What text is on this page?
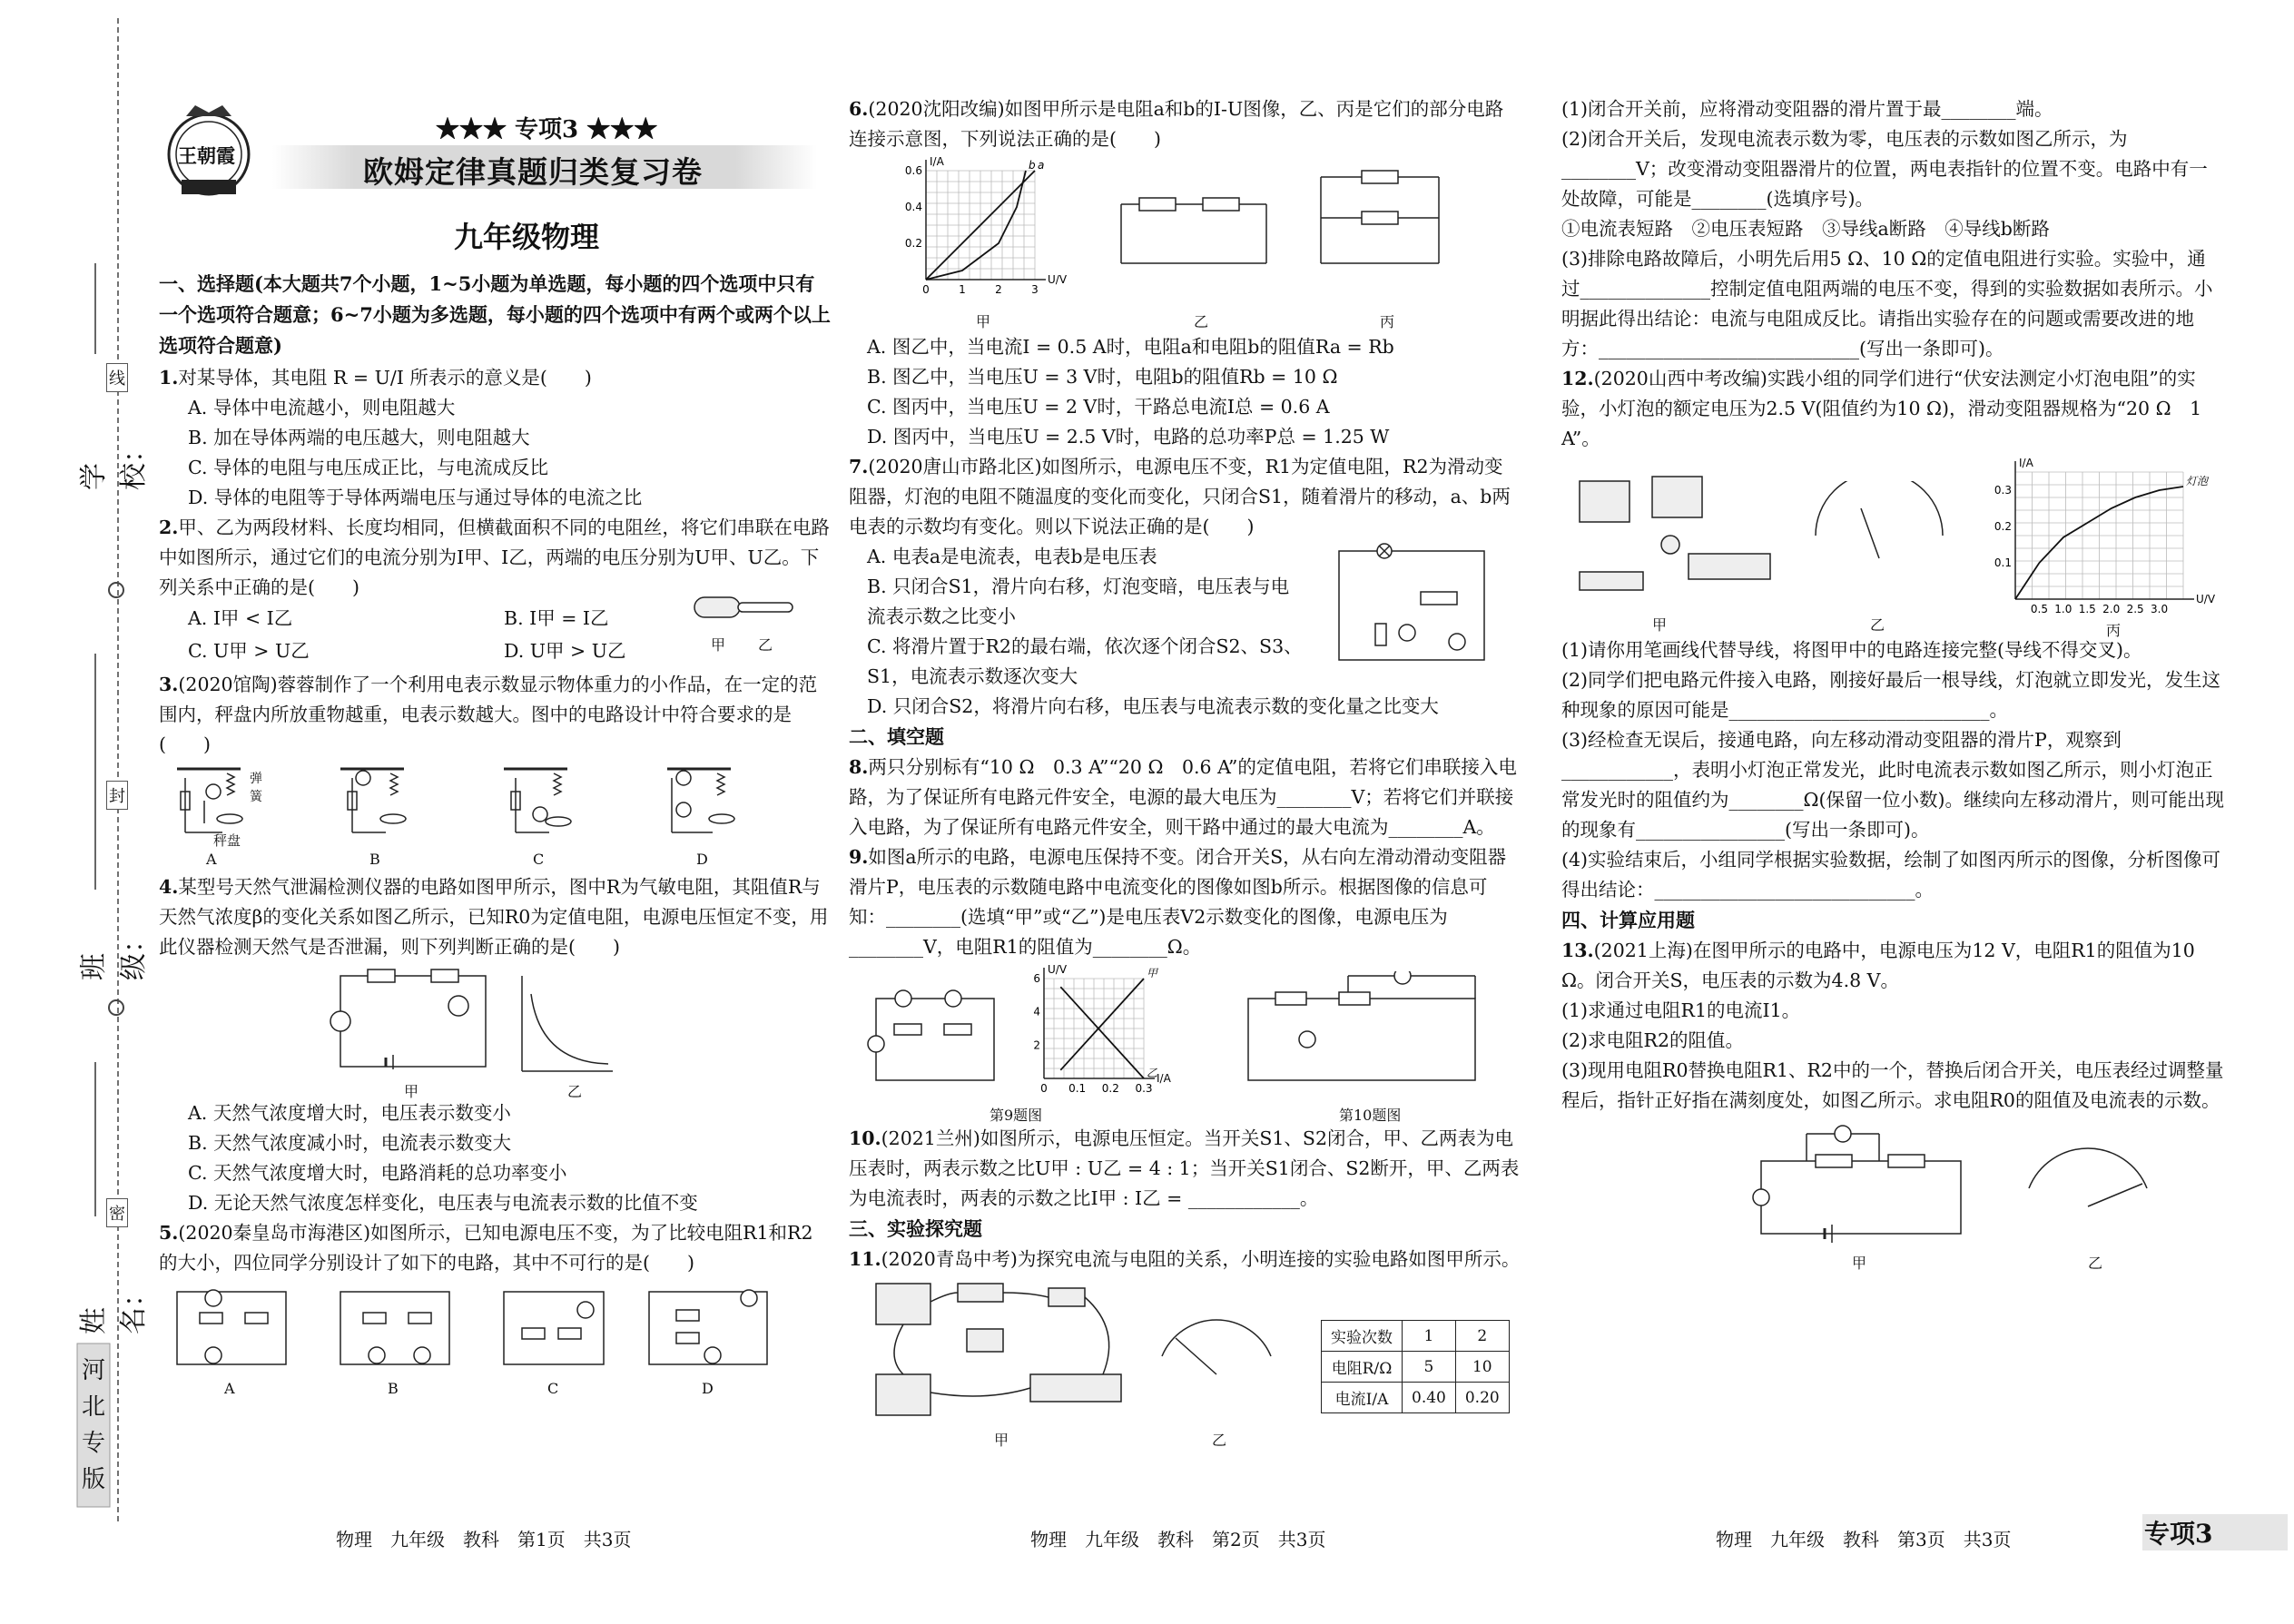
学校：
班级：
姓名：
线
封
密
河北专版
王朝霞
★★★ 专项3 ★★★
欧姆定律真题归类复习卷
九年级物理

一、选择题(本大题共7个小题，1~5小题为单选题，每小题的四个选项中只有一个选项符合题意；6~7小题为多选题，每小题的四个选项中有两个或两个以上选项符合题意)

1.对某导体，其电阻 R = U/I 所表示的意义是(　　)

A. 导体中电流越小，则电阻越大

B. 加在导体两端的电压越大，则电阻越大

C. 导体的电阻与电压成正比，与电流成反比

D. 导体的电阻等于导体两端电压与通过导体的电流之比

2.甲、乙为两段材料、长度均相同，但横截面积不同的电阻丝，将它们串联在电路中如图所示，通过它们的电流分别为I甲、I乙，两端的电压分别为U甲、U乙。下列关系中正确的是(　　)

A. I甲 < I乙	B. I甲 = I乙
C. U甲 > U乙	D. U甲 > U乙	甲 乙

3.(2020馆陶)蓉蓉制作了一个利用电表示数显示物体重力的小作品，在一定的范围内，秤盘内所放重物越重，电表示数越大。图中的电路设计中符合要求的是(　　)

弹簧
秤盘
A	B	C	D

4.某型号天然气泄漏检测仪器的电路如图甲所示，图中R为气敏电阻，其阻值R与天然气浓度β的变化关系如图乙所示，已知R0为定值电阻，电源电压恒定不变，用此仪器检测天然气是否泄漏，则下列判断正确的是(　　)

甲	乙

A. 天然气浓度增大时，电压表示数变小

B. 天然气浓度减小时，电流表示数变大

C. 天然气浓度增大时，电路消耗的总功率变小

D. 无论天然气浓度怎样变化，电压表与电流表示数的比值不变

5.(2020秦皇岛市海港区)如图所示，已知电源电压不变，为了比较电阻R1和R2的大小，四位同学分别设计了如下的电路，其中不可行的是(　　)

A	B	C	D
物理　九年级　教科　第1页　共3页

6.(2020沈阳改编)如图甲所示是电阻a和b的I-U图像，乙、丙是它们的部分电路连接示意图，下列说法正确的是(　　)

0	1	2	3
0.2
0.4
0.6
U/V
I/A	a
b
甲	乙	丙

A. 图乙中，当电流I = 0.5 A时，电阻a和电阻b的阻值Ra = Rb

B. 图乙中，当电压U = 3 V时，电阻b的阻值Rb = 10 Ω

C. 图丙中，当电压U = 2 V时，干路总电流I总 = 0.6 A

D. 图丙中，当电压U = 2.5 V时，电路的总功率P总 = 1.25 W

7.(2020唐山市路北区)如图所示，电源电压不变，R1为定值电阻，R2为滑动变阻器，灯泡的电阻不随温度的变化而变化，只闭合S1，随着滑片的移动，a、b两电表的示数均有变化。则以下说法正确的是(　　)

A. 电表a是电流表，电表b是电压表

B. 只闭合S1，滑片向右移，灯泡变暗，电压表与电流表示数之比变小

C. 将滑片置于R2的最右端，依次逐个闭合S2、S3、S1，电流表示数逐次变大

D. 只闭合S2，将滑片向右移，电压表与电流表示数的变化量之比变大

二、填空题

8.两只分别标有“10 Ω　0.3 A”“20 Ω　0.6 A”的定值电阻，若将它们串联接入电路，为了保证所有电路元件安全，电源的最大电压为________V；若将它们并联接入电路，为了保证所有电路元件安全，则干路中通过的最大电流为________A。

9.如图a所示的电路，电源电压保持不变。闭合开关S，从右向左滑动滑动变阻器滑片P，电压表的示数随电路中电流变化的图像如图b所示。根据图像的信息可知：________(选填“甲”或“乙”)是电压表V2示数变化的图像，电源电压为________V，电阻R1的阻值为________Ω。

0 0.1 0.2 0.3
2
4
6
I/A
U/V	甲
乙
第9题图	第10题图

10.(2021兰州)如图所示，电源电压恒定。当开关S1、S2闭合，甲、乙两表为电压表时，两表示数之比U甲 : U乙 = 4 : 1；当开关S1闭合、S2断开，甲、乙两表为电流表时，两表的示数之比I甲 : I乙 = ____________。

三、实验探究题

11.(2020青岛中考)为探究电流与电阻的关系，小明连接的实验电路如图甲所示。

实验次数	1	2
电阻R/Ω	5	10
电流I/A	0.40	0.20
甲	乙
物理　九年级　教科　第2页　共3页

(1)闭合开关前，应将滑动变阻器的滑片置于最________端。

(2)闭合开关后，发现电流表示数为零，电压表的示数如图乙所示，为________V；改变滑动变阻器滑片的位置，两电表指针的位置不变。电路中有一处故障，可能是________(选填序号)。

①电流表短路　②电压表短路　③导线a断路　④导线b断路

(3)排除电路故障后，小明先后用5 Ω、10 Ω的定值电阻进行实验。实验中，通过______________控制定值电阻两端的电压不变，得到的实验数据如表所示。小明据此得出结论：电流与电阻成反比。请指出实验存在的问题或需要改进的地方：____________________________(写出一条即可)。

12.(2020山西中考改编)实践小组的同学们进行“伏安法测定小灯泡电阻”的实验，小灯泡的额定电压为2.5 V(阻值约为10 Ω)，滑动变阻器规格为“20 Ω　1 A”。

0.5 1.0 1.5 2.0 2.5 3.0
0.1
0.2
0.3
U/V
I/A
灯泡
甲	乙	丙

(1)请你用笔画线代替导线，将图甲中的电路连接完整(导线不得交叉)。

(2)同学们把电路元件接入电路，刚接好最后一根导线，灯泡就立即发光，发生这种现象的原因可能是____________________________。

(3)经检查无误后，接通电路，向左移动滑动变阻器的滑片P，观察到____________，表明小灯泡正常发光，此时电流表示数如图乙所示，则小灯泡正常发光时的阻值约为________Ω(保留一位小数)。继续向左移动滑片，则可能出现的现象有________________(写出一条即可)。

(4)实验结束后，小组同学根据实验数据，绘制了如图丙所示的图像，分析图像可得出结论：____________________________。

四、计算应用题

13.(2021上海)在图甲所示的电路中，电源电压为12 V，电阻R1的阻值为10 Ω。闭合开关S，电压表的示数为4.8 V。

(1)求通过电阻R1的电流I1。

(2)求电阻R2的阻值。

(3)现用电阻R0替换电阻R1、R2中的一个，替换后闭合开关，电压表经过调整量程后，指针正好指在满刻度处，如图乙所示。求电阻R0的阻值及电流表的示数。

甲	乙
物理　九年级　教科　第3页　共3页	专项3
